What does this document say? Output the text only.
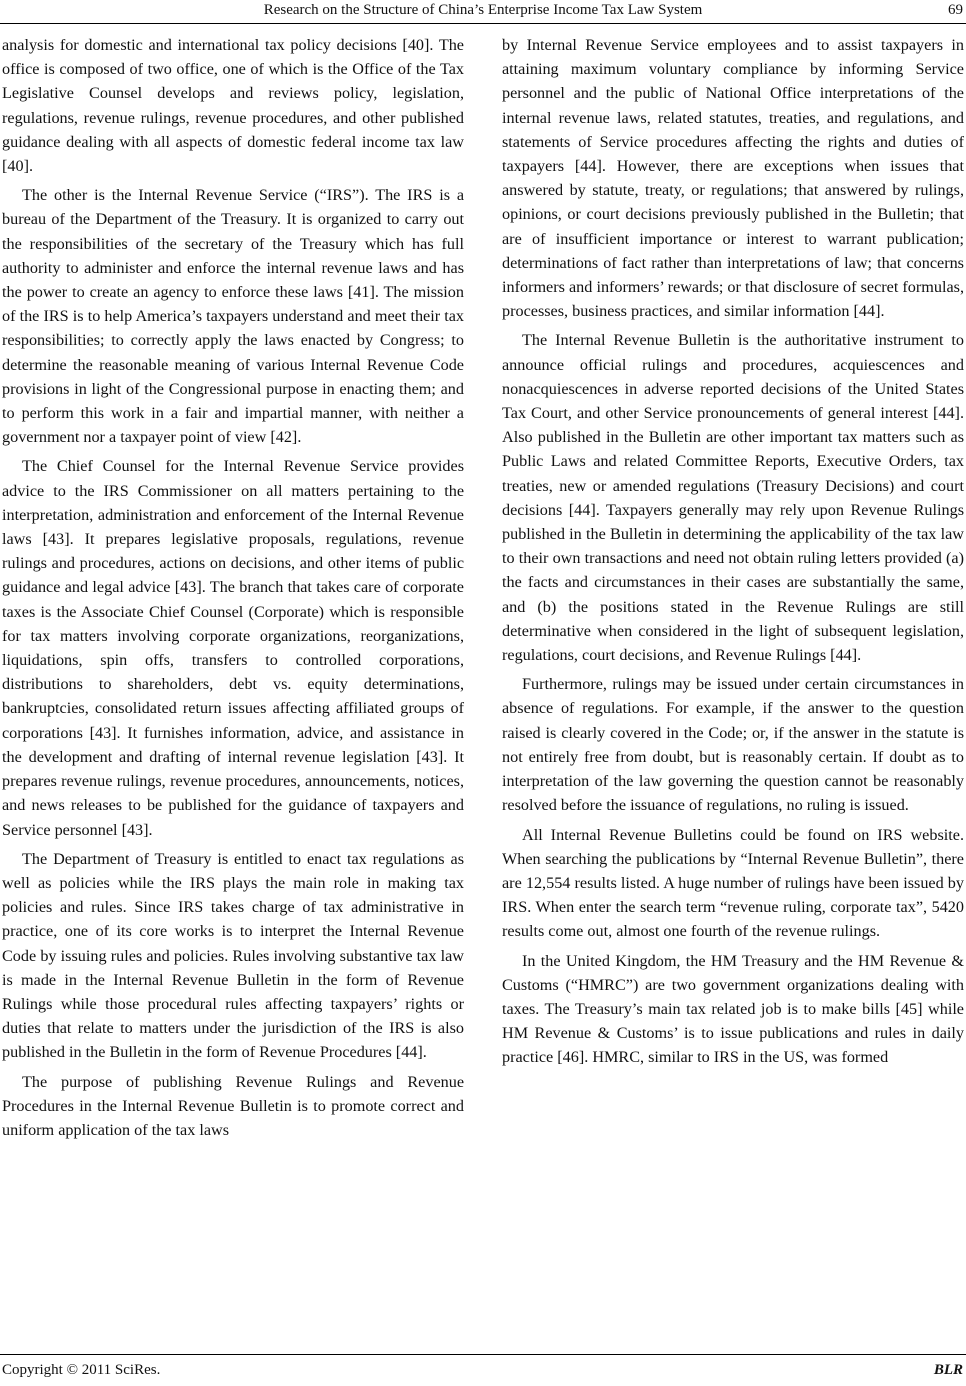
Research on the Structure of China’s Enterprise Income Tax Law System	69

analysis for domestic and international tax policy decisions [40]. The office is composed of two office, one of which is the Office of the Tax Legislative Counsel develops and reviews policy, legislation, regulations, revenue rulings, revenue procedures, and other published guidance dealing with all aspects of domestic federal income tax law [40].

The other is the Internal Revenue Service (“IRS”). The IRS is a bureau of the Department of the Treasury. It is organized to carry out the responsibilities of the secretary of the Treasury which has full authority to administer and enforce the internal revenue laws and has the power to create an agency to enforce these laws [41]. The mission of the IRS is to help America’s taxpayers understand and meet their tax responsibilities; to correctly apply the laws enacted by Congress; to determine the reasonable meaning of various Internal Revenue Code provisions in light of the Congressional purpose in enacting them; and to perform this work in a fair and impartial manner, with neither a government nor a taxpayer point of view [42].

The Chief Counsel for the Internal Revenue Service provides advice to the IRS Commissioner on all matters pertaining to the interpretation, administration and enforcement of the Internal Revenue laws [43]. It prepares legislative proposals, regulations, revenue rulings and procedures, actions on decisions, and other items of public guidance and legal advice [43]. The branch that takes care of corporate taxes is the Associate Chief Counsel (Corporate) which is responsible for tax matters involving corporate organizations, reorganizations, liquidations, spin offs, transfers to controlled corporations, distributions to shareholders, debt vs. equity determinations, bankruptcies, consolidated return issues affecting affiliated groups of corporations [43]. It furnishes information, advice, and assistance in the development and drafting of internal revenue legislation [43]. It prepares revenue rulings, revenue procedures, announcements, notices, and news releases to be published for the guidance of taxpayers and Service personnel [43].

The Department of Treasury is entitled to enact tax regulations as well as policies while the IRS plays the main role in making tax policies and rules. Since IRS takes charge of tax administrative in practice, one of its core works is to interpret the Internal Revenue Code by issuing rules and policies. Rules involving substantive tax law is made in the Internal Revenue Bulletin in the form of Revenue Rulings while those procedural rules affecting taxpayers’ rights or duties that relate to matters under the jurisdiction of the IRS is also published in the Bulletin in the form of Revenue Procedures [44].

The purpose of publishing Revenue Rulings and Revenue Procedures in the Internal Revenue Bulletin is to promote correct and uniform application of the tax laws

by Internal Revenue Service employees and to assist taxpayers in attaining maximum voluntary compliance by informing Service personnel and the public of National Office interpretations of the internal revenue laws, related statutes, treaties, and regulations, and statements of Service procedures affecting the rights and duties of taxpayers [44]. However, there are exceptions when issues that answered by statute, treaty, or regulations; that answered by rulings, opinions, or court decisions previously published in the Bulletin; that are of insufficient importance or interest to warrant publication; determinations of fact rather than interpretations of law; that concerns informers and informers’ rewards; or that disclosure of secret formulas, processes, business practices, and similar information [44].

The Internal Revenue Bulletin is the authoritative instrument to announce official rulings and procedures, acquiescences and nonacquiescences in adverse reported decisions of the United States Tax Court, and other Service pronouncements of general interest [44]. Also published in the Bulletin are other important tax matters such as Public Laws and related Committee Reports, Executive Orders, tax treaties, new or amended regulations (Treasury Decisions) and court decisions [44]. Taxpayers generally may rely upon Revenue Rulings published in the Bulletin in determining the applicability of the tax law to their own transactions and need not obtain ruling letters provided (a) the facts and circumstances in their cases are substantially the same, and (b) the positions stated in the Revenue Rulings are still determinative when considered in the light of subsequent legislation, regulations, court decisions, and Revenue Rulings [44].

Furthermore, rulings may be issued under certain circumstances in absence of regulations. For example, if the answer to the question raised is clearly covered in the Code; or, if the answer in the statute is not entirely free from doubt, but is reasonably certain. If doubt as to interpretation of the law governing the question cannot be reasonably resolved before the issuance of regulations, no ruling is issued.

All Internal Revenue Bulletins could be found on IRS website. When searching the publications by “Internal Revenue Bulletin”, there are 12,554 results listed. A huge number of rulings have been issued by IRS. When enter the search term “revenue ruling, corporate tax”, 5420 results come out, almost one fourth of the revenue rulings.

In the United Kingdom, the HM Treasury and the HM Revenue & Customs (“HMRC”) are two government organizations dealing with taxes. The Treasury’s main tax related job is to make bills [45] while HM Revenue & Customs’ is to issue publications and rules in daily practice [46]. HMRC, similar to IRS in the US, was formed

Copyright © 2011 SciRes.	BLR
